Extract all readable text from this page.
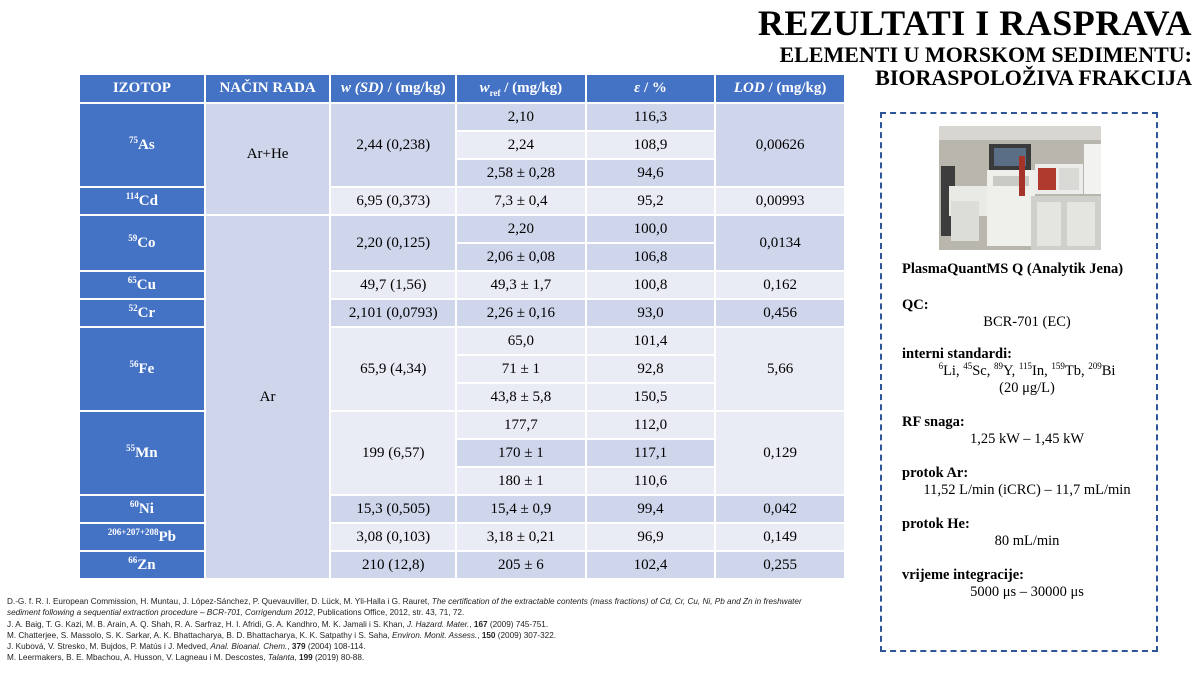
REZULTATI I RASPRAVA
ELEMENTI U MORSKOM SEDIMENTU:
BIORASPOLOŽIVA FRAKCIJA
IZOTOP	NAČIN RADA	w (SD) / (mg/kg)	$w_{ref} / (mg/kg)$	ε / %	LOD / (mg/kg)
$^{75}$As	Ar+He	2,44 (0,238)	2,10	116,3	0,00626
			2,24	108,9	
			2,58 ± 0,28	94,6	
$^{114}$Cd		6,95 (0,373)	7,3 ± 0,4	95,2	0,00993
$^{59}$Co	Ar	2,20 (0,125)	2,20	100,0	0,0134
			2,06 ± 0,08	106,8	
$^{65}$Cu		49,7 (1,56)	49,3 ± 1,7	100,8	0,162
$^{52}$Cr		2,101 (0,0793)	2,26 ± 0,16	93,0	0,456
$^{56}$Fe		65,9 (4,34)	65,0	101,4	5,66
			71 ± 1	92,8	
			43,8 ± 5,8	150,5	
$^{55}$Mn		199 (6,57)	177,7	112,0	0,129
			170 ± 1	117,1	
			180 ± 1	110,6	
$^{60}$Ni		15,3 (0,505)	15,4 ± 0,9	99,4	0,042
$^{206+207+208}$Pb		3,08 (0,103)	3,18 ± 0,21	96,9	0,149
$^{66}$Zn		210 (12,8)	205 ± 6	102,4	0,255
D.-G. f. R. I. European Commission, H. Muntau, J. López-Sánchez, P. Quevauviller, D. Lück, M. Yli-Halla i G. Rauret, The certification of the extractable contents (mass fractions) of Cd, Cr, Cu, Ni, Pb and Zn in freshwater
sediment following a sequential extraction procedure – BCR-701, Corrigendum 2012, Publications Office, 2012, str. 43, 71, 72.
J. A. Baig, T. G. Kazi, M. B. Arain, A. Q. Shah, R. A. Sarfraz, H. I. Afridi, G. A. Kandhro, M. K. Jamali i S. Khan, J. Hazard. Mater., 167 (2009) 745-751.
M. Chatterjee, S. Massolo, S. K. Sarkar, A. K. Bhattacharya, B. D. Bhattacharya, K. K. Satpathy i S. Saha, Environ. Monit. Assess., 150 (2009) 307-322.
J. Kubová, V. Stresko, M. Bujdos, P. Matús i J. Medved, Anal. Bioanal. Chem., 379 (2004) 108-114.
M. Leermakers, B. E. Mbachou, A. Husson, V. Lagneau i M. Descostes, Talanta, 199 (2019) 80-88.
PlasmaQuantMS Q (Analytik Jena)
QC:
BCR-701 (EC)
interni standardi:
$^6$Li, $^{45}$Sc, $^{89}$Y, $^{115}$In, $^{159}$Tb, $^{209}$Bi
(20 μg/L)
RF snaga:
1,25 kW – 1,45 kW
protok Ar:
11,52 L/min (iCRC) – 11,7 mL/min
protok He:
80 mL/min
vrijeme integracije:
5000 μs – 30000 μs
